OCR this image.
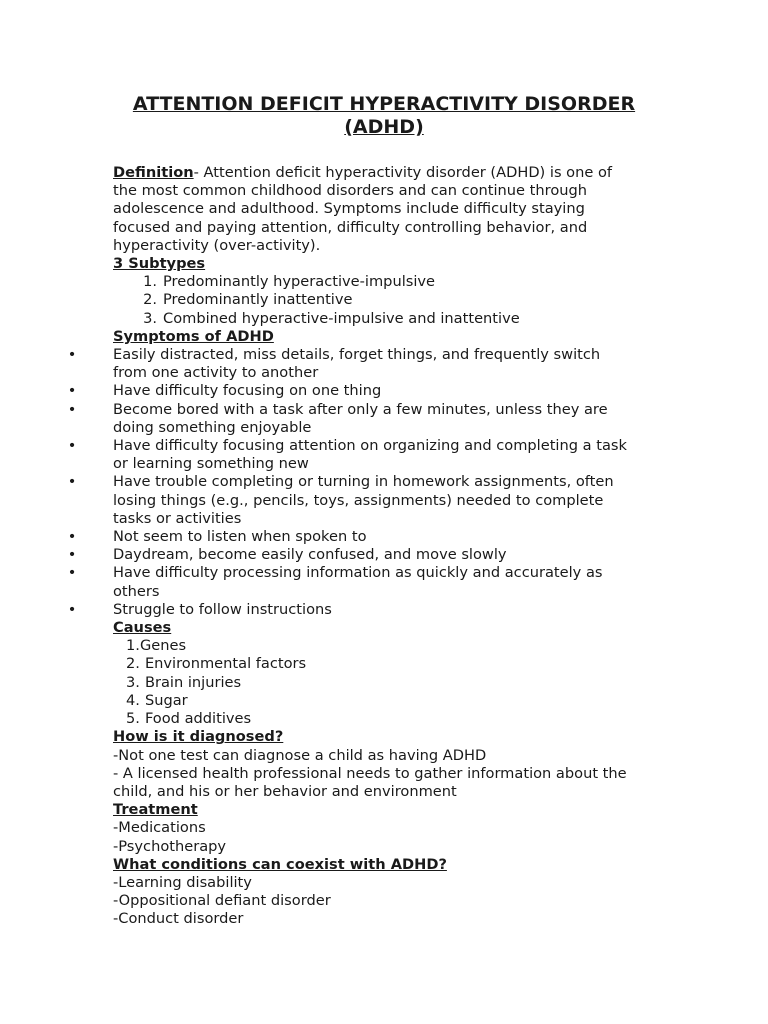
ATTENTION DEFICIT HYPERACTIVITY DISORDER (ADHD)

Definition- Attention deficit hyperactivity disorder (ADHD) is one of

the most common childhood disorders and can continue through

adolescence and adulthood. Symptoms include difficulty staying

focused and paying attention, difficulty controlling behavior, and

hyperactivity (over-activity).

3 Subtypes

1. Predominantly hyperactive-impulsive
2. Predominantly inattentive
3. Combined hyperactive-impulsive and inattentive

Symptoms of ADHD

•	Easily distracted, miss details, forget things, and frequently switch

from one activity to another

•	Have difficulty focusing on one thing

•	Become bored with a task after only a few minutes, unless they are

doing something enjoyable

•	Have difficulty focusing attention on organizing and completing a task

or learning something new

•	Have trouble completing or turning in homework assignments, often

losing things (e.g., pencils, toys, assignments) needed to complete

tasks or activities

•	Not seem to listen when spoken to

•	Daydream, become easily confused, and move slowly

•	Have difficulty processing information as quickly and accurately as

others

•	Struggle to follow instructions

Causes

1. Genes
2. Environmental factors
3. Brain injuries
4. Sugar
5. Food additives

How is it diagnosed?

-Not one test can diagnose a child as having ADHD

- A licensed health professional needs to gather information about the

child, and his or her behavior and environment

Treatment

-Medications

-Psychotherapy

What conditions can coexist with ADHD?

-Learning disability

-Oppositional defiant disorder

-Conduct disorder
